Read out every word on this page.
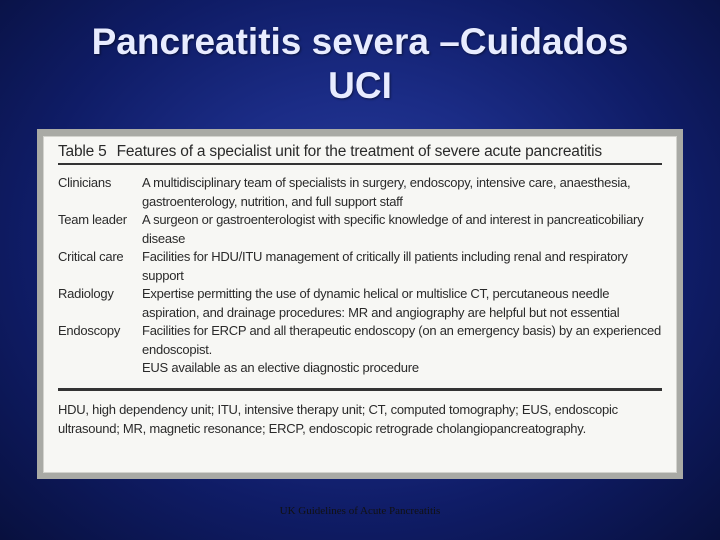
Pancreatitis severa –Cuidados
UCI
Table 5 Features of a specialist unit for the treatment of severe acute pancreatitis
Clinicians	A multidisciplinary team of specialists in surgery, endoscopy, intensive care, anaesthesia, gastroenterology, nutrition, and full support staff
Team leader	A surgeon or gastroenterologist with specific knowledge of and interest in pancreaticobiliary disease
Critical care	Facilities for HDU/ITU management of critically ill patients including renal and respiratory support
Radiology	Expertise permitting the use of dynamic helical or multislice CT, percutaneous needle aspiration, and drainage procedures: MR and angiography are helpful but not essential
Endoscopy	Facilities for ERCP and all therapeutic endoscopy (on an emergency basis) by an experienced endoscopist.
EUS available as an elective diagnostic procedure
HDU, high dependency unit; ITU, intensive therapy unit; CT, computed tomography; EUS, endoscopic ultrasound; MR, magnetic resonance; ERCP, endoscopic retrograde cholangiopancreatography.
UK Guidelines of Acute Pancreatitis
